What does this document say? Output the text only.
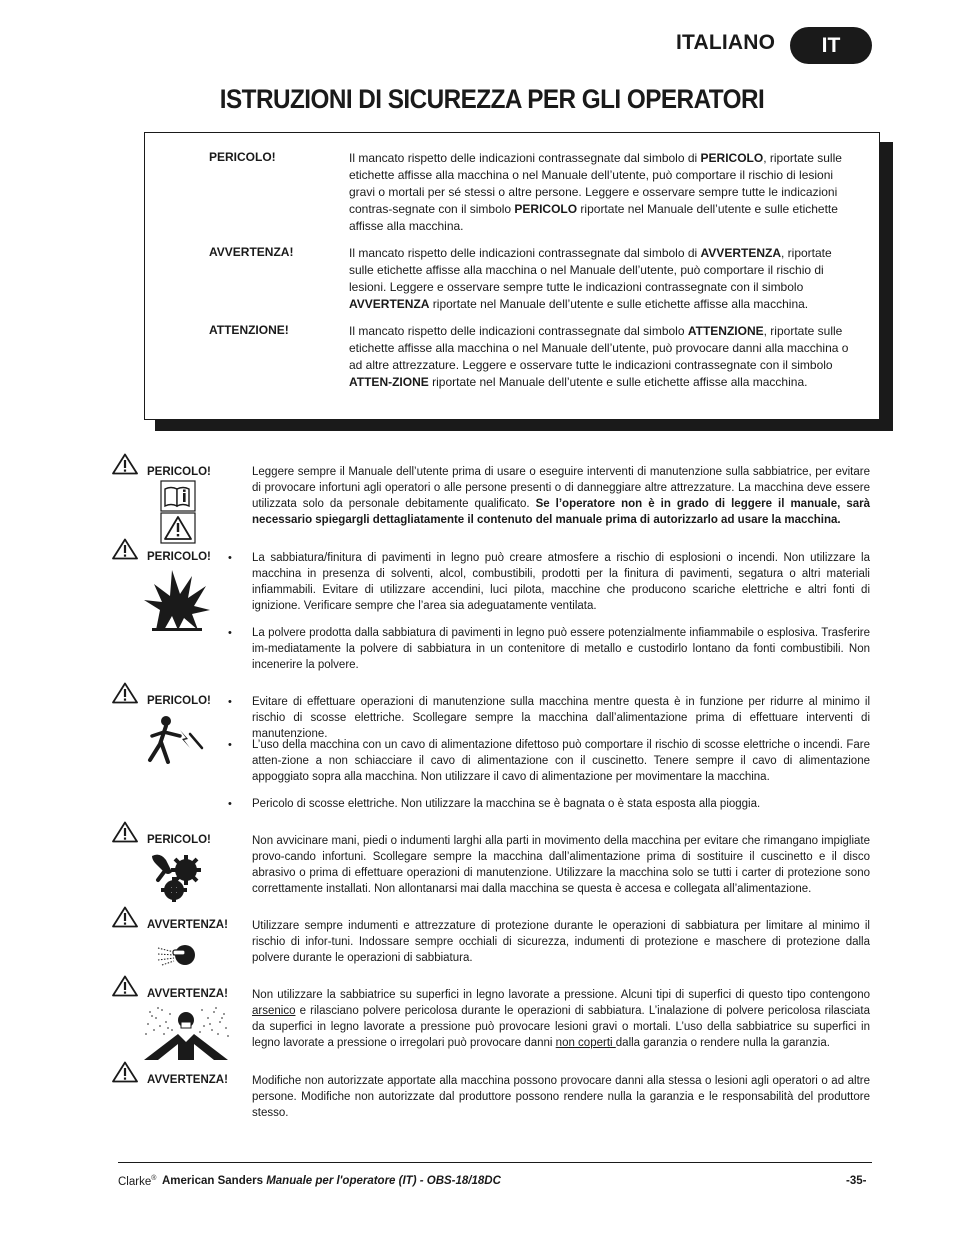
ITALIANO	IT
ISTRUZIONI DI SICUREZZA PER GLI OPERATORI
PERICOLO!	Il mancato rispetto delle indicazioni contrassegnate dal simbolo di PERICOLO, riportate sulle etichette affisse alla macchina o nel Manuale dell’utente, può comportare il rischio di lesioni gravi o mortali per sé stessi o altre persone. Leggere e osservare sempre tutte le indicazioni contras-segnate con il simbolo PERICOLO riportate nel Manuale dell’utente e sulle etichette affisse alla macchina.
AVVERTENZA!	Il mancato rispetto delle indicazioni contrassegnate dal simbolo di AVVERTENZA, riportate sulle etichette affisse alla macchina o nel Manuale dell’utente, può comportare il rischio di lesioni. Leggere e osservare sempre tutte le indicazioni contrassegnate con il simbolo AVVERTENZA riportate nel Manuale dell’utente e sulle etichette affisse alla macchina.
ATTENZIONE!	Il mancato rispetto delle indicazioni contrassegnate dal simbolo ATTENZIONE, riportate sulle etichette affisse alla macchina o nel Manuale dell’utente, può provocare danni alla macchina o ad altre attrezzature. Leggere e osservare tutte le indicazioni contrassegnate con il simbolo ATTEN-ZIONE riportate nel Manuale dell’utente e sulle etichette affisse alla macchina.
PERICOLO!	Leggere sempre il Manuale dell’utente prima di usare o eseguire interventi di manutenzione sulla sabbiatrice, per evitare di provocare infortuni agli operatori o alle persone presenti o di danneggiare altre attrezzature. La macchina deve essere utilizzata solo da personale debitamente qualificato. Se l’operatore non è in grado di leggere il manuale, sarà necessario spiegargli dettagliatamente il contenuto del manuale prima di autorizzarlo ad usare la macchina.
PERICOLO! • La sabbiatura/finitura di pavimenti in legno può creare atmosfere a rischio di esplosioni o incendi. Non utilizzare la macchina in presenza di solventi, alcol, combustibili, prodotti per la finitura di pavimenti, segatura o altri materiali infiammabili. Evitare di utilizzare accendini, luci pilota, macchine che producono scariche elettriche e altri fonti di ignizione. Verificare sempre che l’area sia adeguatamente ventilata.
• La polvere prodotta dalla sabbiatura di pavimenti in legno può essere potenzialmente infiammabile o esplosiva. Trasferire im-mediatamente la polvere di sabbiatura in un contenitore di metallo e custodirlo lontano da fonti combustibili. Non incenerire la polvere.
PERICOLO! • Evitare di effettuare operazioni di manutenzione sulla macchina mentre questa è in funzione per ridurre al minimo il rischio di scosse elettriche. Scollegare sempre la macchina dall’alimentazione prima di effettuare interventi di manutenzione.
• L’uso della macchina con un cavo di alimentazione difettoso può comportare il rischio di scosse elettriche o incendi. Fare atten-zione a non schiacciare il cavo di alimentazione con il cuscinetto. Tenere sempre il cavo di alimentazione appoggiato sopra alla macchina. Non utilizzare il cavo di alimentazione per movimentare la macchina.
• Pericolo di scosse elettriche. Non utilizzare la macchina se è bagnata o è stata esposta alla pioggia.
PERICOLO!	Non avvicinare mani, piedi o indumenti larghi alla parti in movimento della macchina per evitare che rimangano impigliate provo-cando infortuni. Scollegare sempre la macchina dall’alimentazione prima di sostituire il cuscinetto e il disco abrasivo o prima di effettuare operazioni di manutenzione. Utilizzare la macchina solo se tutti i carter di protezione sono correttamente installati. Non allontanarsi mai dalla macchina se questa è accesa e collegata all’alimentazione.
AVVERTENZA! Utilizzare sempre indumenti e attrezzature di protezione durante le operazioni di sabbiatura per limitare al minimo il rischio di infor-tuni. Indossare sempre occhiali di sicurezza, indumenti di protezione e maschere di protezione dalla polvere durante le operazioni di sabbiatura.
AVVERTENZA! Non utilizzare la sabbiatrice su superfici in legno lavorate a pressione. Alcuni tipi di superfici di questo tipo contengono arsenico e rilasciano polvere pericolosa durante le operazioni di sabbiatura. L’inalazione di polvere pericolosa rilasciata da superfici in legno lavorate a pressione può provocare lesioni gravi o mortali. L’uso della sabbiatrice su superfici in legno lavorate a pressione o irregolari può provocare danni non coperti dalla garanzia o rendere nulla la garanzia.
AVVERTENZA! Modifiche non autorizzate apportate alla macchina possono provocare danni alla stessa o lesioni agli operatori o ad altre persone. Modifiche non autorizzate dal produttore possono rendere nulla la garanzia e le responsabilità del produttore stesso.
Clarke® American Sanders Manuale per l'operatore (IT) - OBS-18/18DC	-35-
